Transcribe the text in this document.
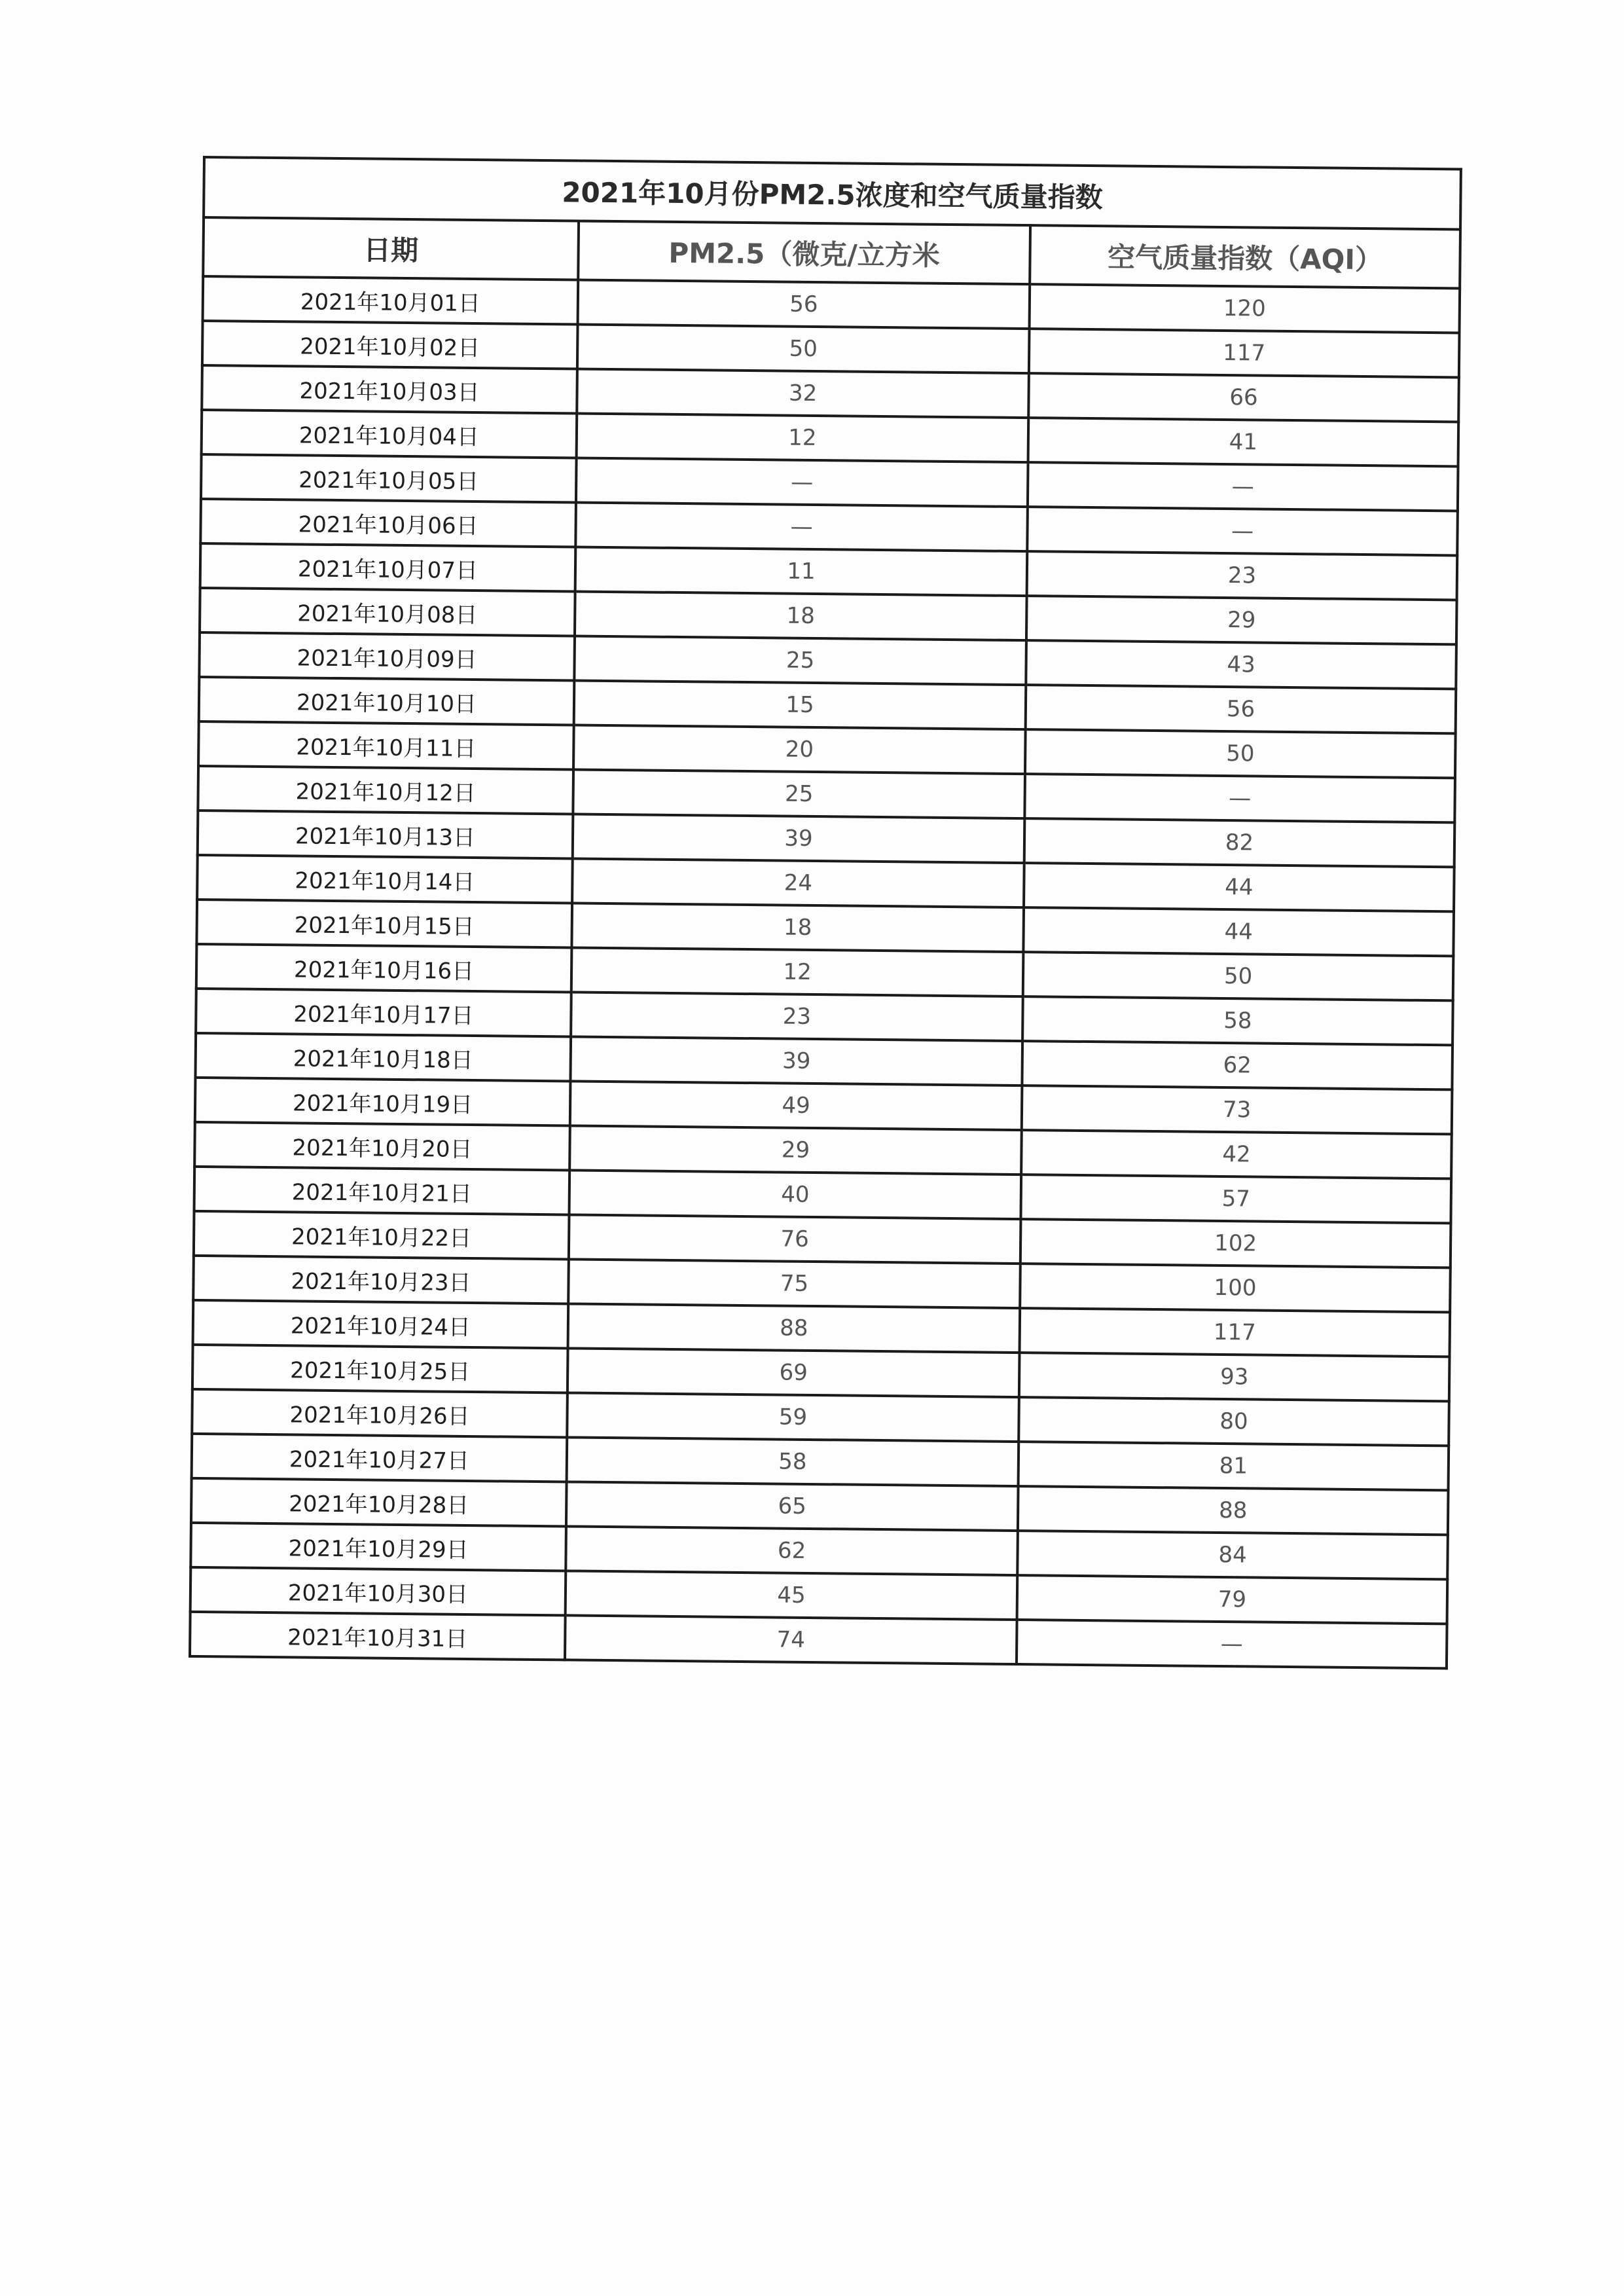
2021年10月份PM2.5浓度和空气质量指数		
日期	PM2.5（微克/立方米	空气质量指数（AQI）
2021年10月01日	56	120
2021年10月02日	50	117
2021年10月03日	32	66
2021年10月04日	12	41
2021年10月05日	—	—
2021年10月06日	—	—
2021年10月07日	11	23
2021年10月08日	18	29
2021年10月09日	25	43
2021年10月10日	15	56
2021年10月11日	20	50
2021年10月12日	25	—
2021年10月13日	39	82
2021年10月14日	24	44
2021年10月15日	18	44
2021年10月16日	12	50
2021年10月17日	23	58
2021年10月18日	39	62
2021年10月19日	49	73
2021年10月20日	29	42
2021年10月21日	40	57
2021年10月22日	76	102
2021年10月23日	75	100
2021年10月24日	88	117
2021年10月25日	69	93
2021年10月26日	59	80
2021年10月27日	58	81
2021年10月28日	65	88
2021年10月29日	62	84
2021年10月30日	45	79
2021年10月31日	74	—
